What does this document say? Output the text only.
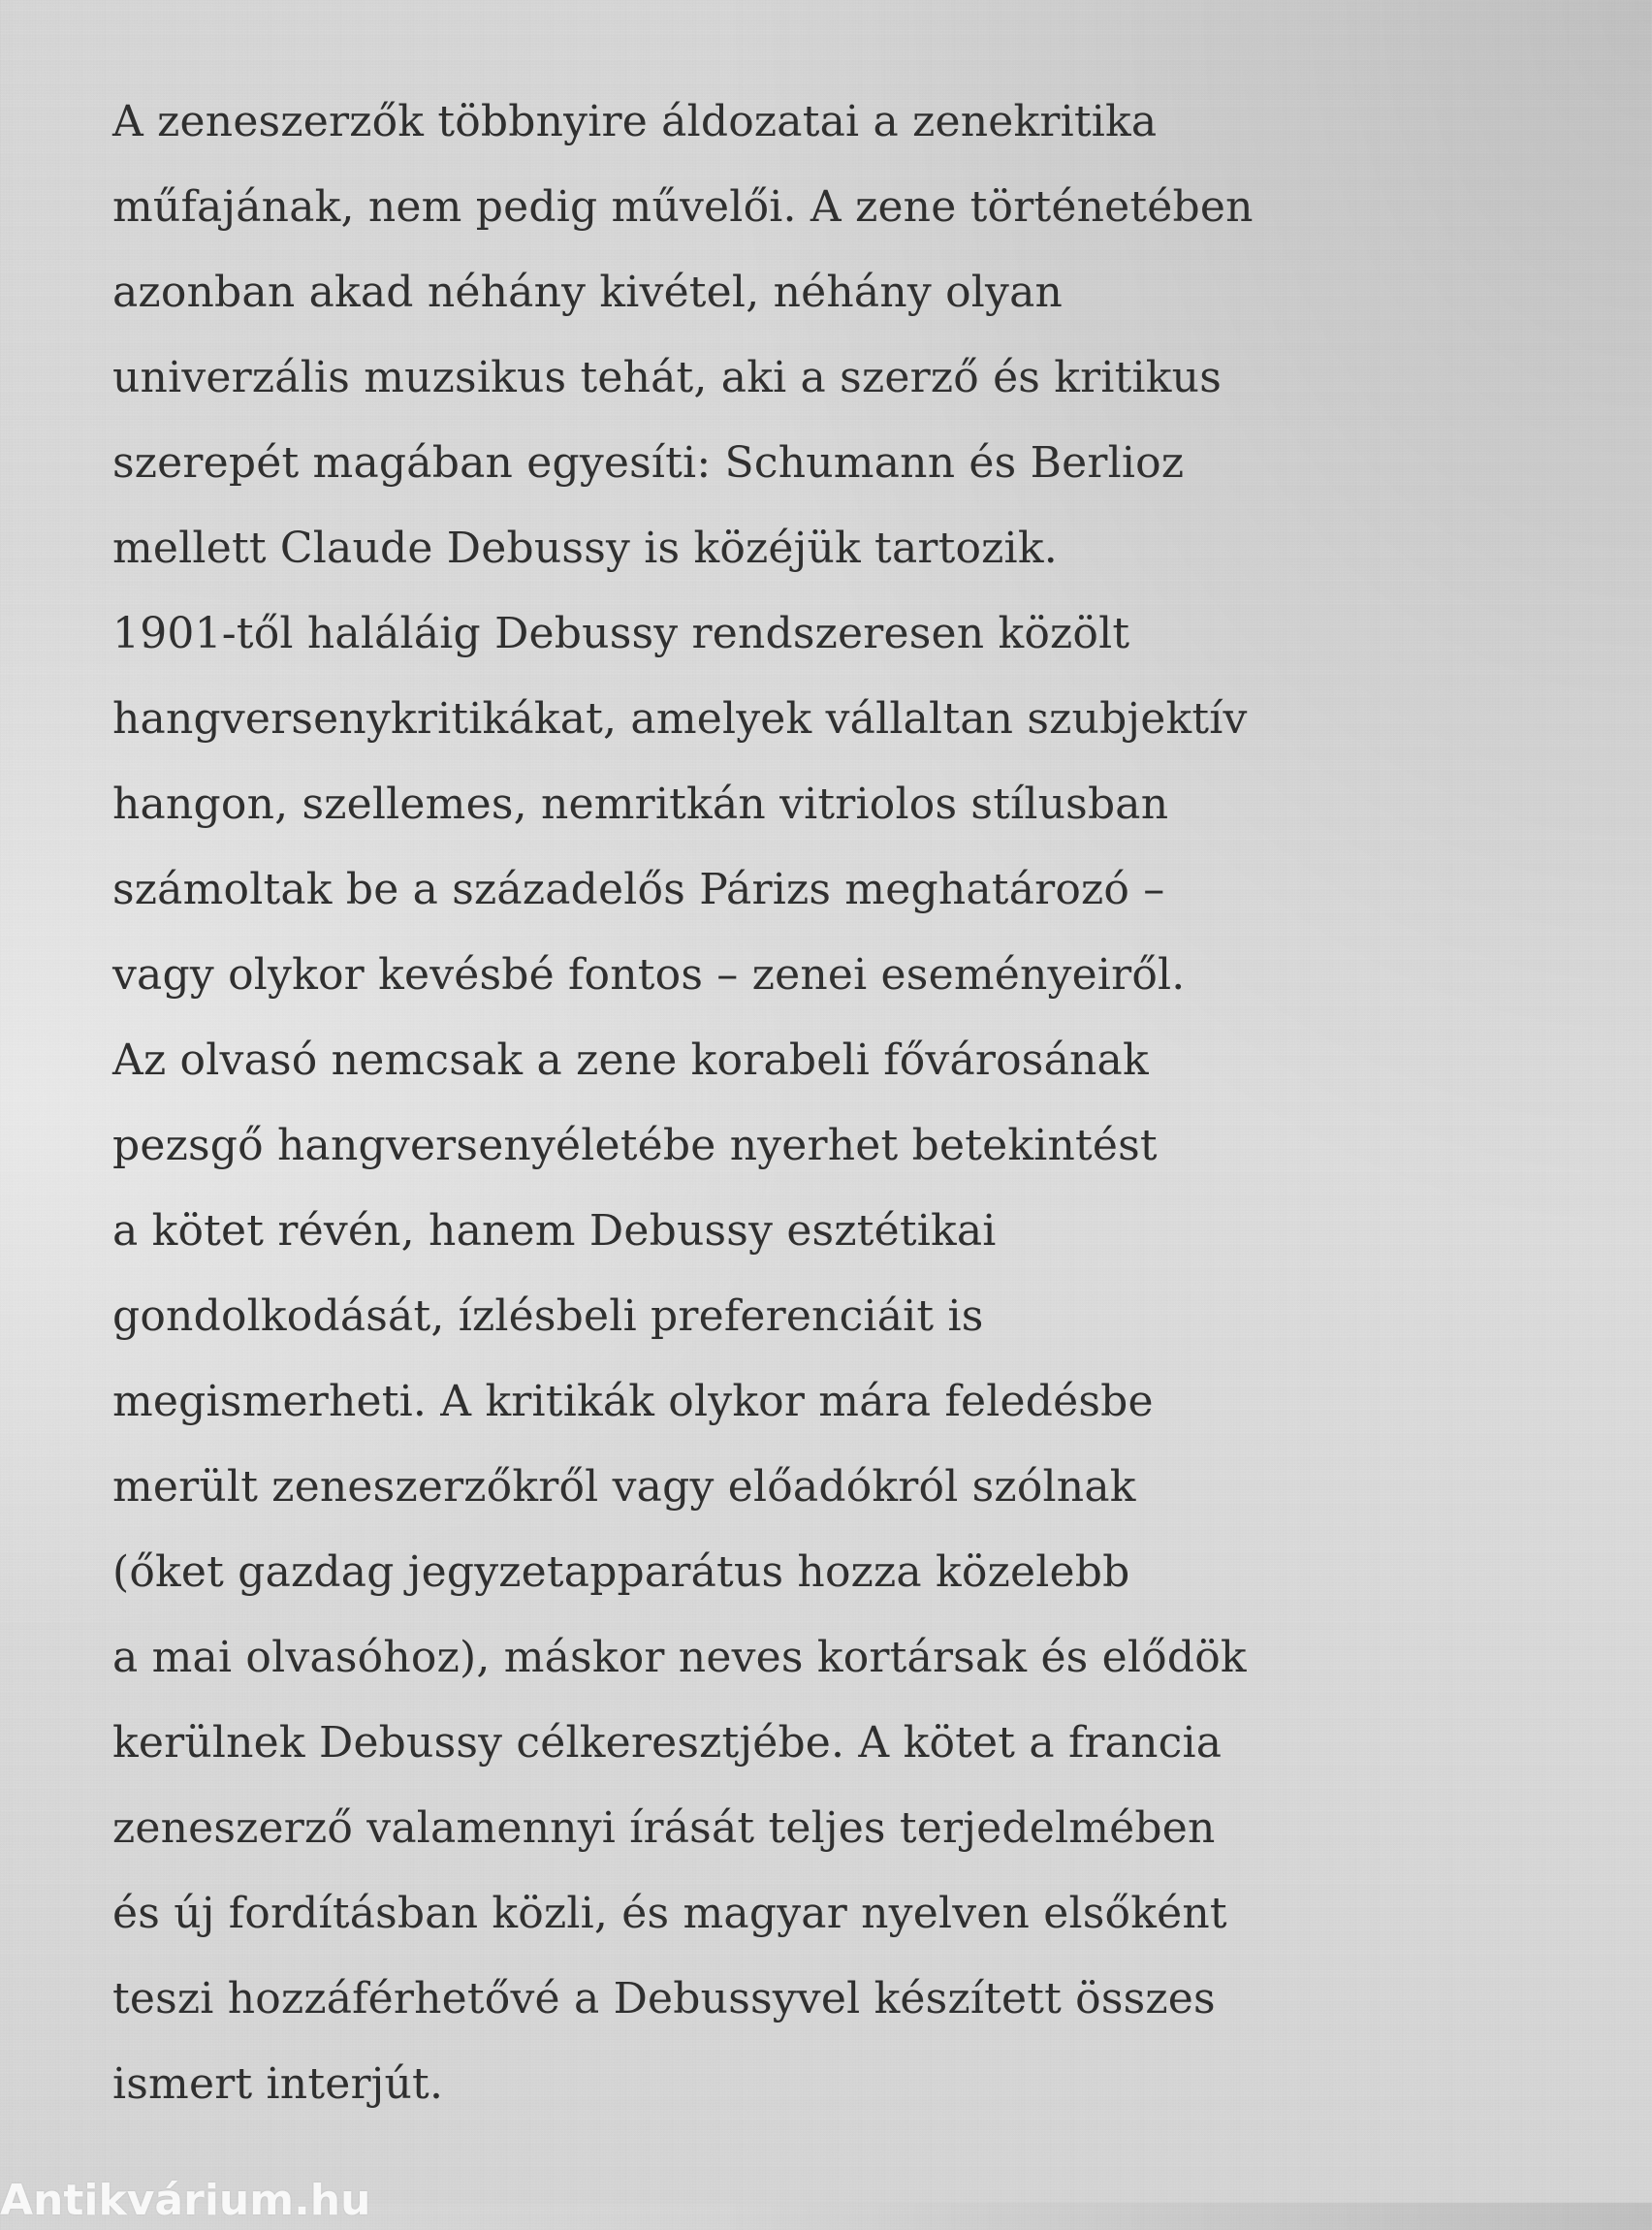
A zeneszerzők többnyire áldozatai a zenekritika
műfajának, nem pedig művelői. A zene történetében
azonban akad néhány kivétel, néhány olyan
univerzális muzsikus tehát, aki a szerző és kritikus
szerepét magában egyesíti: Schumann és Berlioz
mellett Claude Debussy is közéjük tartozik.
1901-től haláláig Debussy rendszeresen közölt
hangversenykritikákat, amelyek vállaltan szubjektív
hangon, szellemes, nemritkán vitriolos stílusban
számoltak be a századelős Párizs meghatározó –
vagy olykor kevésbé fontos – zenei eseményeiről.
Az olvasó nemcsak a zene korabeli fővárosának
pezsgő hangversenyéletébe nyerhet betekintést
a kötet révén, hanem Debussy esztétikai
gondolkodását, ízlésbeli preferenciáit is
megismerheti. A kritikák olykor mára feledésbe
merült zeneszerzőkről vagy előadókról szólnak
(őket gazdag jegyzetapparátus hozza közelebb
a mai olvasóhoz), máskor neves kortársak és elődök
kerülnek Debussy célkeresztjébe. A kötet a francia
zeneszerző valamennyi írását teljes terjedelmében
és új fordításban közli, és magyar nyelven elsőként
teszi hozzáférhetővé a Debussyvel készített összes
ismert interjút.
Antikvárium.hu
